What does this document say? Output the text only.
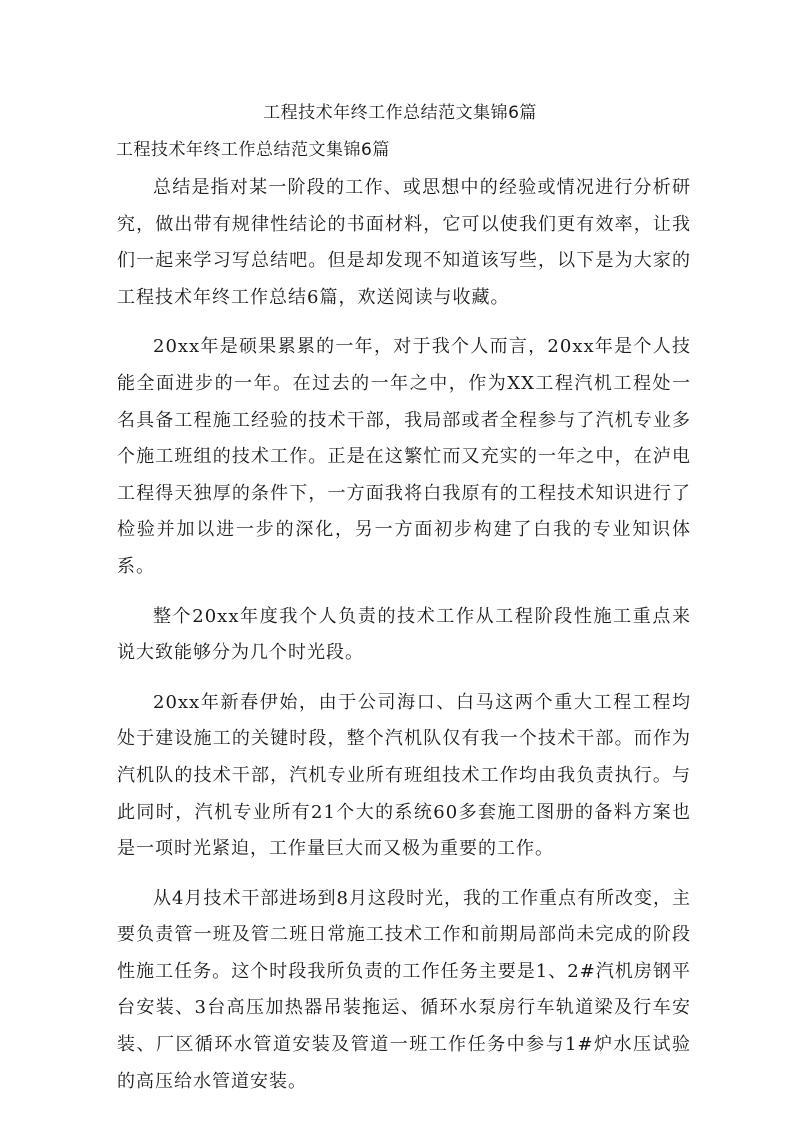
工程技术年终工作总结范文集锦6篇
工程技术年终工作总结范文集锦6篇

总结是指对某一阶段的工作、或思想中的经验或情况进行分析研究，做出带有规律性结论的书面材料，它可以使我们更有效率，让我们一起来学习写总结吧。但是却发现不知道该写些，以下是为大家的工程技术年终工作总结6篇，欢送阅读与收藏。

20xx年是硕果累累的一年，对于我个人而言，20xx年是个人技能全面进步的一年。在过去的一年之中，作为XX工程汽机工程处一名具备工程施工经验的技术干部，我局部或者全程参与了汽机专业多个施工班组的技术工作。正是在这繁忙而又充实的一年之中，在泸电工程得天独厚的条件下，一方面我将白我原有的工程技术知识进行了检验并加以进一步的深化，另一方面初步构建了白我的专业知识体系。

整个20xx年度我个人负责的技术工作从工程阶段性施工重点来说大致能够分为几个时光段。

20xx年新春伊始，由于公司海口、白马这两个重大工程工程均处于建设施工的关键时段，整个汽机队仅有我一个技术干部。而作为汽机队的技术干部，汽机专业所有班组技术工作均由我负责执行。与此同时，汽机专业所有21个大的系统60多套施工图册的备料方案也是一项时光紧迫，工作量巨大而又极为重要的工作。

从4月技术干部进场到8月这段时光，我的工作重点有所改变，主要负责管一班及管二班日常施工技术工作和前期局部尚未完成的阶段性施工任务。这个时段我所负责的工作任务主要是1、2#汽机房钢平台安装、3台高压加热器吊装拖运、循环水泵房行车轨道梁及行车安装、厂区循环水管道安装及管道一班工作任务中参与1#炉水压试验的高压给水管道安装。
